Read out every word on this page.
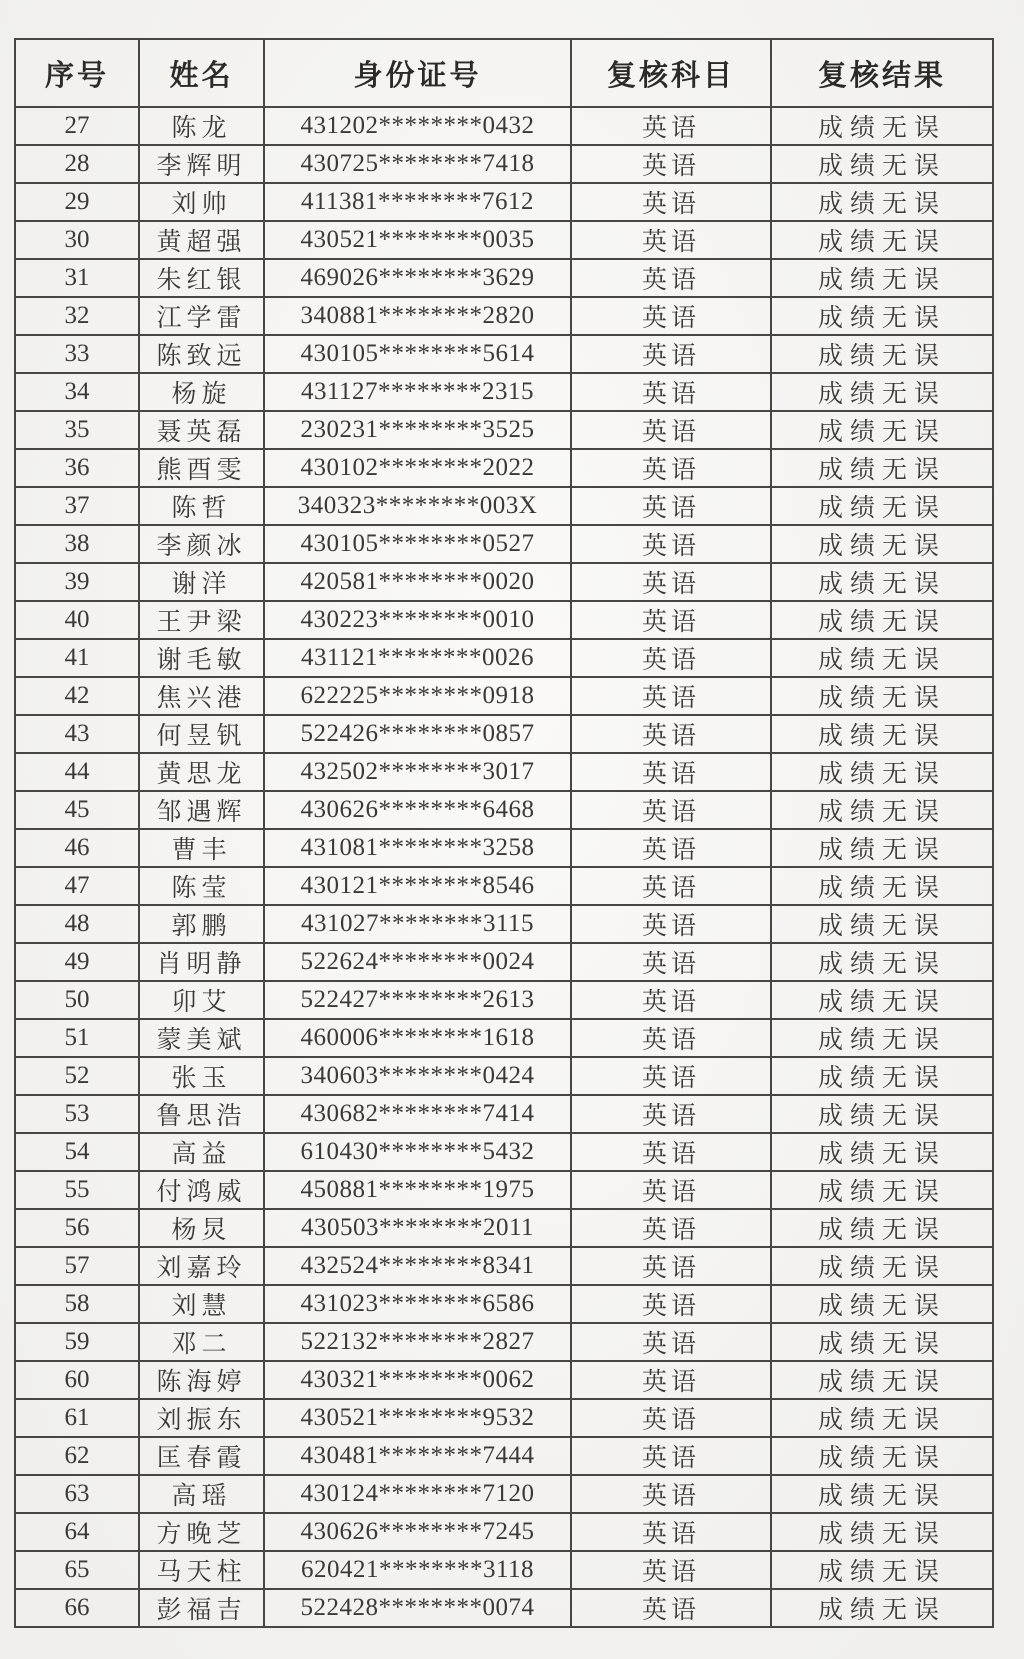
序号	姓名	身份证号	复核科目	复核结果
27	陈龙	431202********0432	英语	成绩无误
28	李辉明	430725********7418	英语	成绩无误
29	刘帅	411381********7612	英语	成绩无误
30	黄超强	430521********0035	英语	成绩无误
31	朱红银	469026********3629	英语	成绩无误
32	江学雷	340881********2820	英语	成绩无误
33	陈致远	430105********5614	英语	成绩无误
34	杨旋	431127********2315	英语	成绩无误
35	聂英磊	230231********3525	英语	成绩无误
36	熊酉雯	430102********2022	英语	成绩无误
37	陈哲	340323********003X	英语	成绩无误
38	李颜冰	430105********0527	英语	成绩无误
39	谢洋	420581********0020	英语	成绩无误
40	王尹梁	430223********0010	英语	成绩无误
41	谢毛敏	431121********0026	英语	成绩无误
42	焦兴港	622225********0918	英语	成绩无误
43	何昱钒	522426********0857	英语	成绩无误
44	黄思龙	432502********3017	英语	成绩无误
45	邹遇辉	430626********6468	英语	成绩无误
46	曹丰	431081********3258	英语	成绩无误
47	陈莹	430121********8546	英语	成绩无误
48	郭鹏	431027********3115	英语	成绩无误
49	肖明静	522624********0024	英语	成绩无误
50	卯艾	522427********2613	英语	成绩无误
51	蒙美斌	460006********1618	英语	成绩无误
52	张玉	340603********0424	英语	成绩无误
53	鲁思浩	430682********7414	英语	成绩无误
54	高益	610430********5432	英语	成绩无误
55	付鸿威	450881********1975	英语	成绩无误
56	杨炅	430503********2011	英语	成绩无误
57	刘嘉玲	432524********8341	英语	成绩无误
58	刘慧	431023********6586	英语	成绩无误
59	邓二	522132********2827	英语	成绩无误
60	陈海婷	430321********0062	英语	成绩无误
61	刘振东	430521********9532	英语	成绩无误
62	匡春霞	430481********7444	英语	成绩无误
63	高瑶	430124********7120	英语	成绩无误
64	方晚芝	430626********7245	英语	成绩无误
65	马天柱	620421********3118	英语	成绩无误
66	彭福吉	522428********0074	英语	成绩无误
